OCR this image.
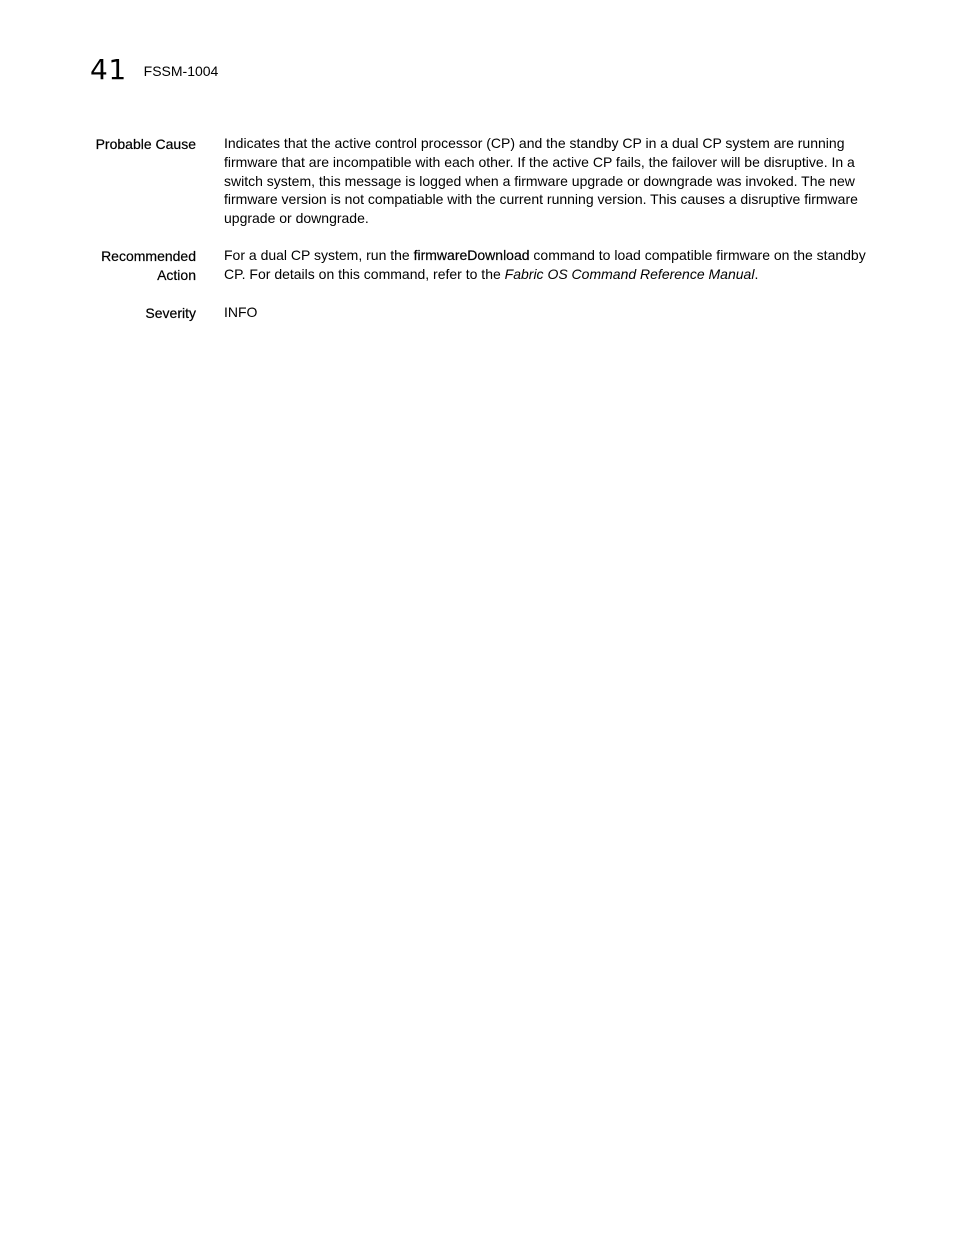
41 FSSM-1004
Probable Cause Indicates that the active control processor (CP) and the standby CP in a dual CP system are running firmware that are incompatible with each other. If the active CP fails, the failover will be disruptive. In a switch system, this message is logged when a firmware upgrade or downgrade was invoked. The new firmware version is not compatiable with the current running version. This causes a disruptive firmware upgrade or downgrade.
Recommended
Action
For a dual CP system, run the firmwareDownload command to load compatible firmware on the standby CP. For details on this command, refer to the Fabric OS Command Reference Manual.
Severity INFO
